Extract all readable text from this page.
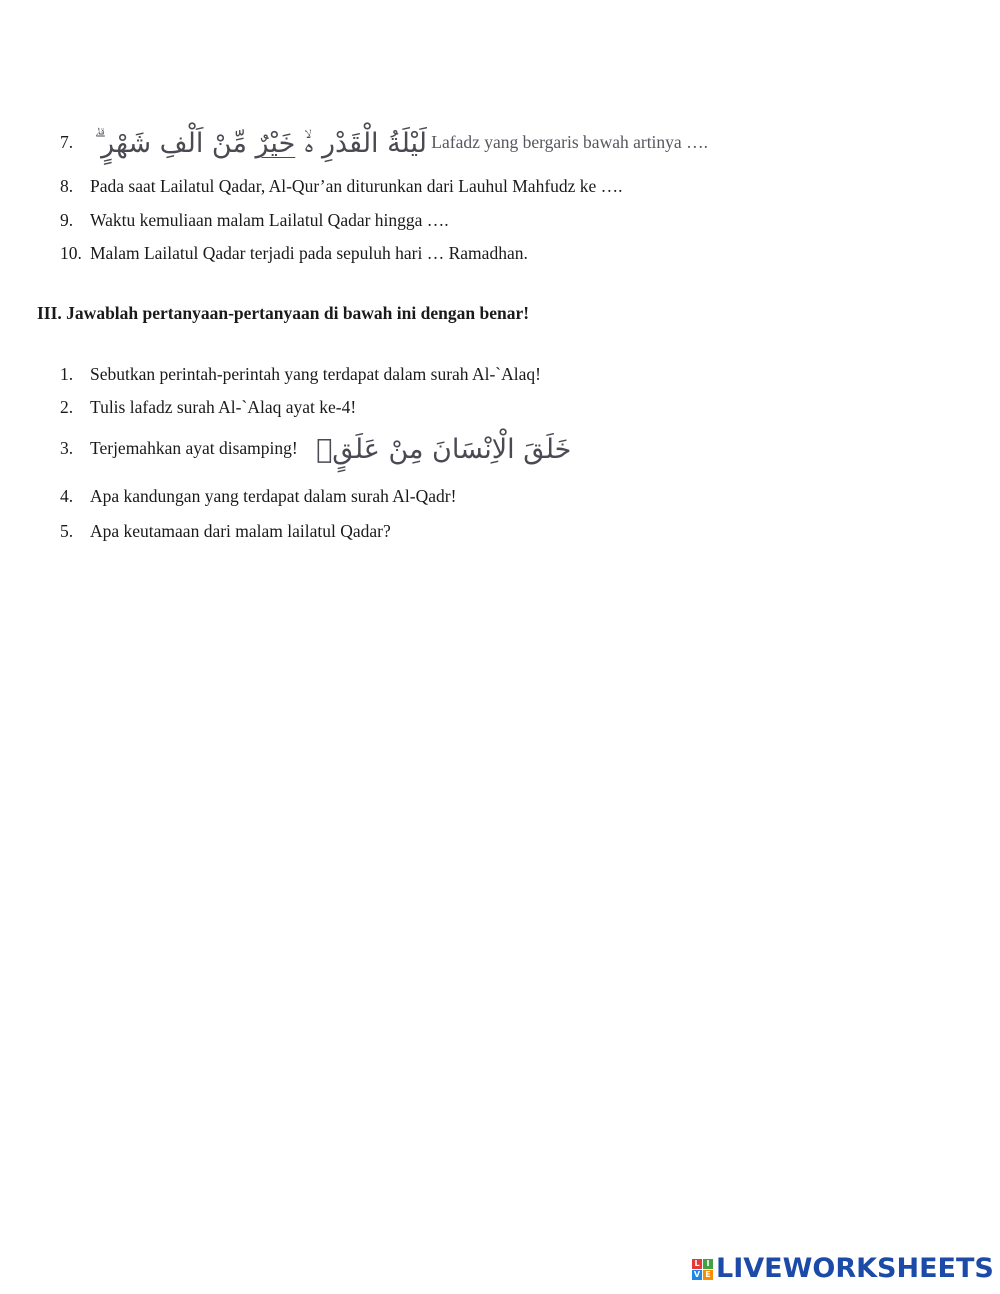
7.	لَيْلَةُ الْقَدْرِ ەۙ خَيْرٌ مِّنْ اَلْفِ شَهْرٍ ۗ	Lafadz yang bergaris bawah artinya ….
8. Pada saat Lailatul Qadar, Al-Qur’an diturunkan dari Lauhul Mahfudz ke ….
9. Waktu kemuliaan malam Lailatul Qadar hingga ….
10. Malam Lailatul Qadar terjadi pada sepuluh hari … Ramadhan.
III. Jawablah pertanyaan-pertanyaan di bawah ini dengan benar!
1. Sebutkan perintah-perintah yang terdapat dalam surah Al-`Alaq!
2. Tulis lafadz surah Al-`Alaq ayat ke-4!
3. Terjemahkan ayat disamping! خَلَقَ الْاِنْسَانَ مِنْ عَلَقٍۚ
4. Apa kandungan yang terdapat dalam surah Al-Qadr!
5. Apa keutamaan dari malam lailatul Qadar?
L I
V E LIVEWORKSHEETS
